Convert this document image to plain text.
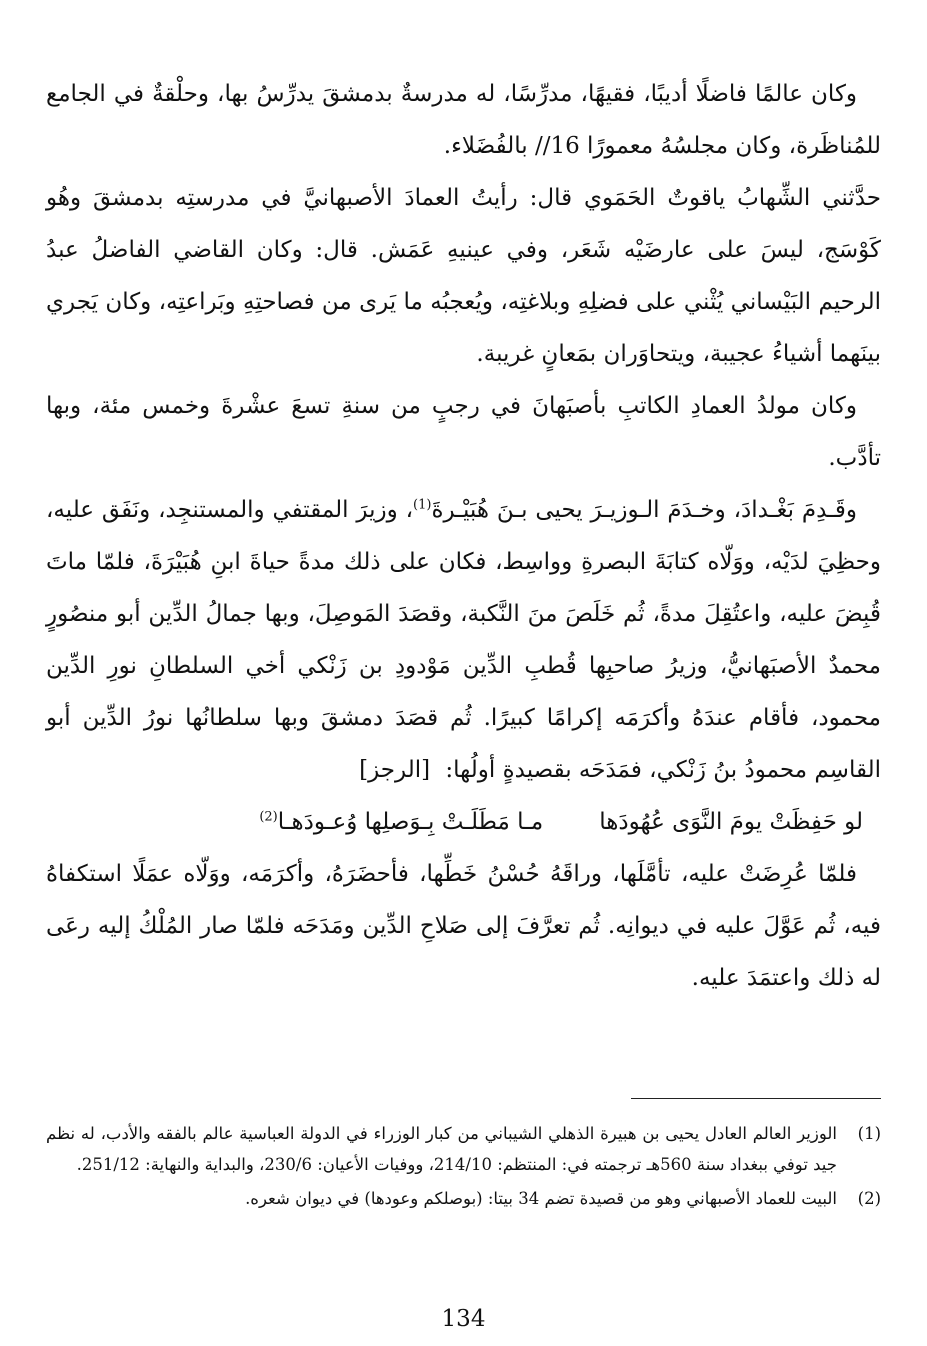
وكان عالمًا فاضلًا أديبًا، فقيهًا، مدرِّسًا، له مدرسةٌ بدمشقَ يدرِّسُ بها، وحلْقةٌ في الجامع للمُناظَرة، وكان مجلسُهُ معمورًا 16// بالفُضَلاء.

حدَّثني الشِّهابُ ياقوتٌ الحَمَوي قال: رأيتُ العمادَ الأصبهانيَّ في مدرستِه بدمشقَ وهُو كَوْسَج، ليسَ على عارضَيْه شَعَر، وفي عينيهِ عَمَش. قال: وكان القاضي الفاضلُ عبدُ الرحيم البَيْساني يُثْني على فضلِهِ وبلاغتِه، ويُعجبُه ما يَرى من فصاحتِهِ وبَراعتِه، وكان يَجري بينَهما أشياءُ عجيبة، ويتحاوَران بمَعانٍ غريبة.

وكان مولدُ العمادِ الكاتبِ بأصبَهانَ في رجبٍ من سنةِ تسعَ عشْرةَ وخمس مئة، وبها تأدَّب.

وقَـدِمَ بَغْـدادَ، وخـدَمَ الـوزيـرَ يحيى بـنَ هُبَيْـرةَ$^{(1)}$، وزيرَ المقتفي والمستنجِد، ونَفَق عليه، وحظِيَ لدَيْه، ووَلّاه كتابَةَ البصرةِ وواسِط، فكان على ذلك مدةً حياةَ ابنِ هُبَيْرَةَ، فلمّا ماتَ قُبِضَ عليه، واعتُقِلَ مدةً، ثُم خَلَصَ منَ النَّكبة، وقصَدَ المَوصِلَ، وبها جمالُ الدِّين أبو منصُورٍ محمدٌ الأصبَهانيُّ، وزيرُ صاحبِها قُطبِ الدِّين مَوْدودِ بن زَنْكي أخي السلطانِ نورِ الدِّين محمود، فأقام عندَهُ وأكرَمَه إكرامًا كبيرًا. ثُم قصَدَ دمشقَ وبها سلطانُها نورُ الدِّين أبو القاسِم محمودُ بنُ زَنْكي، فمَدَحَه بقصيدةٍ أولُها: [الرجز]

لو حَفِظَتْ يومَ النَّوَى عُهُودَها
مـا مَطَلَـتْ بِـوَصلِها وُعـودَهـا$^{(2)}$

فلمّا عُرِضَتْ عليه، تأمَّلَها، وراقَهُ حُسْنُ خَطِّها، فأحضَرَهُ، وأكرَمَه، ووَلّاه عمَلًا استكفاهُ فيه، ثُم عَوَّلَ عليه في ديوانِه. ثُم تعرَّفَ إلى صَلاحِ الدِّين ومَدَحَه فلمّا صار المُلْكُ إليه رعَى له ذلك واعتمَدَ عليه.

(1)
الوزير العالم العادل يحيى بن هبيرة الذهلي الشيباني من كبار الوزراء في الدولة العباسية عالم بالفقه والأدب، له نظم جيد توفي ببغداد سنة 560هـ ترجمته في: المنتظم: 214/10، ووفيات الأعيان: 230/6، والبداية والنهاية: 251/12.
(2)
البيت للعماد الأصبهاني وهو من قصيدة تضم 34 بيتا: (بوصلكم وعودها) في ديوان شعره.
134
